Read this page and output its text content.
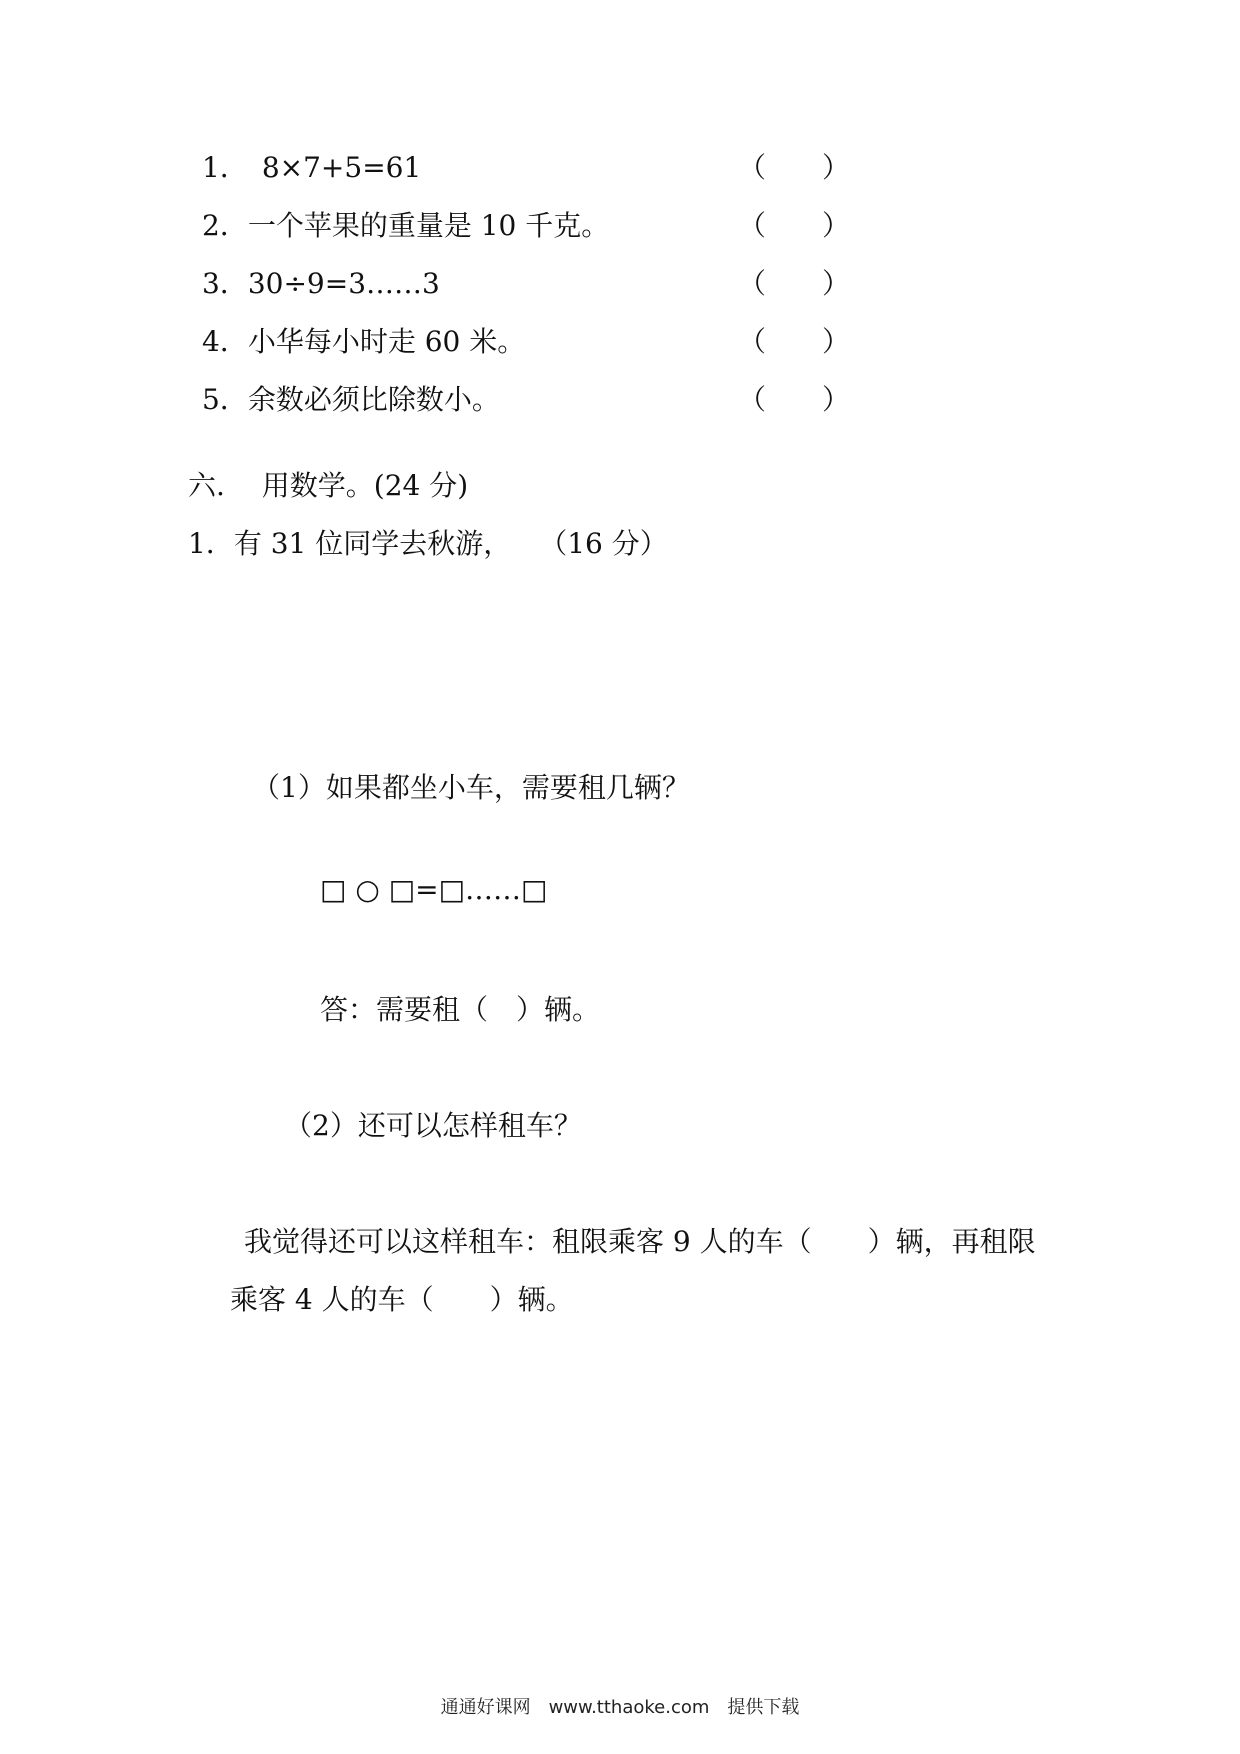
1． 8×7+5=61	（　　）
2．一个苹果的重量是 10 千克。	（　　）
3．30÷9=3……3	（　　）
4．小华每小时走 60 米。	（　　）
5．余数必须比除数小。	（　　）
六.　 用数学。(24 分)
1．有 31 位同学去秋游，　　（16 分）
（1）如果都坐小车，需要租几辆？
□ ○ □=□……□
答：需要租（　）辆。
（2）还可以怎样租车？
我觉得还可以这样租车：租限乘客 9 人的车（　　）辆，再租限
乘客 4 人的车（　　）辆。
通通好课网　www.tthaoke.com　提供下载
